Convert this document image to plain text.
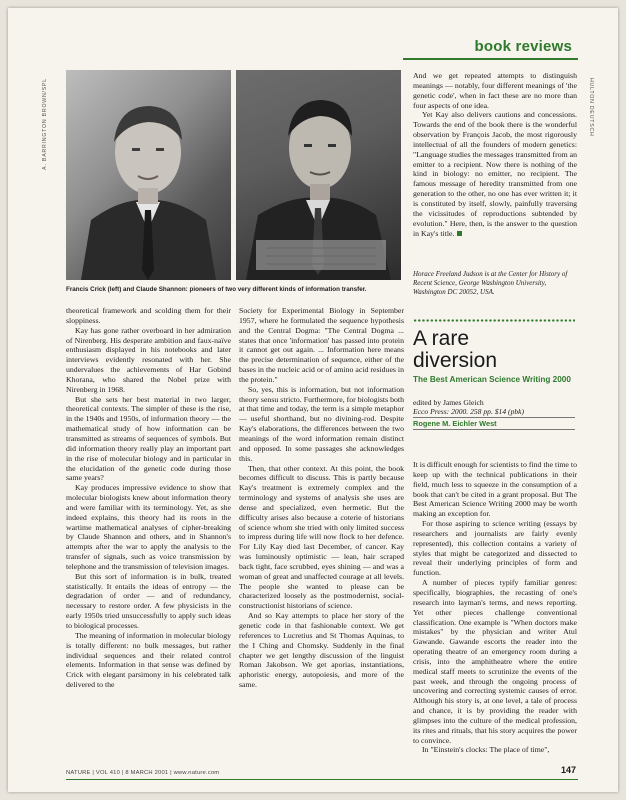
book reviews
A. BARRINGTON BROWN/SPL	HULTON DEUTSCH
Francis Crick (left) and Claude Shannon: pioneers of two very different kinds of information transfer.

theoretical framework and scolding them for their sloppiness.

Kay has gone rather overboard in her admiration of Nirenberg. His desperate ambition and faux-naïve enthusiasm displayed in his notebooks and later interviews evidently resonated with her. She undervalues the achievements of Har Gobind Khorana, who shared the Nobel prize with Nirenberg in 1968.

But she sets her best material in two larger, theoretical contexts. The simpler of these is the rise, in the 1940s and 1950s, of information theory — the mathematical study of how information can be transmitted as streams of sequences of symbols. But did information theory really play an important part in the rise of molecular biology and in particular in the elucidation of the genetic code during those same years?

Kay produces impressive evidence to show that molecular biologists knew about information theory and were familiar with its terminology. Yet, as she indeed explains, this theory had its roots in the wartime mathematical analyses of cipher-breaking by Claude Shannon and others, and in Shannon's attempts after the war to apply the analysis to the transfer of signals, such as voice transmission by telephone and the transmission of television images.

But this sort of information is in bulk, treated statistically. It entails the ideas of entropy — the degradation of order — and of redundancy, necessary to restore order. A few physicists in the early 1950s tried unsuccessfully to apply such ideas to biological processes.

The meaning of information in molecular biology is totally different: no bulk messages, but rather individual sequences and their related control elements. Information in that sense was defined by Crick with elegant parsimony in his celebrated talk delivered to the

Society for Experimental Biology in September 1957, where he formulated the sequence hypothesis and the Central Dogma: "The Central Dogma ... states that once 'information' has passed into protein it cannot get out again. ... Information here means the precise determination of sequence, either of the bases in the nucleic acid or of amino acid residues in the protein."

So, yes, this is information, but not information theory sensu stricto. Furthermore, for biologists both at that time and today, the term is a simple metaphor — useful shorthand, but no divining-rod. Despite Kay's elaborations, the differences between the two meanings of the word information remain distinct and opposed. In some passages she acknowledges this.

Then, that other context. At this point, the book becomes difficult to discuss. This is partly because Kay's treatment is extremely complex and the terminology and systems of analysis she uses are dense and specialized, even hermetic. But the difficulty arises also because a coterie of historians of science whom she tried with only limited success to impress during life will now flock to her defence. For Lily Kay died last December, of cancer. Kay was luminously optimistic — lean, hair scraped back tight, face scrubbed, eyes shining — and was a woman of great and unaffected courage at all levels. The people she wanted to please can be characterized loosely as the postmodernist, social-constructionist historians of science.

And so Kay attempts to place her story of the genetic code in that fashionable context. We get references to Lucretius and St Thomas Aquinas, to the I Ching and Chomsky. Suddenly in the final chapter we get lengthy discussion of the linguist Roman Jakobson. We get aporias, instantiations, aphoristic energy, autopoiesis, and more of the same.

And we get repeated attempts to distinguish meanings — notably, four different meanings of 'the genetic code', when in fact these are no more than four aspects of one idea.

Yet Kay also delivers cautions and concessions. Towards the end of the book there is the wonderful observation by François Jacob, the most rigorously intellectual of all the founders of modern genetics: "Language studies the messages transmitted from an emitter to a recipient. Now there is nothing of the kind in biology: no emitter, no recipient. The famous message of heredity transmitted from one generation to the other, no one has ever written it; it is constituted by itself, slowly, painfully traversing the vicissitudes of reproductions subtended by evolution." Here, then, is the answer to the question in Kay's title.

Horace Freeland Judson is at the Center for History of Recent Science, George Washington University, Washington DC 20052, USA.
A rare
diversion
The Best American Science Writing 2000
edited by James Gleich
Ecco Press: 2000. 258 pp. $14 (pbk)
Rogene M. Eichler West

It is difficult enough for scientists to find the time to keep up with the technical publications in their field, much less to squeeze in the consumption of a book that can't be cited in a grant proposal. But The Best American Science Writing 2000 may be worth making an exception for.

For those aspiring to science writing (essays by researchers and journalists are fairly evenly represented), this collection contains a variety of styles that might be categorized and dissected to reveal their underlying principles of form and function.

A number of pieces typify familiar genres: specifically, biographies, the recasting of one's research into layman's terms, and news reporting. Yet other pieces challenge conventional classification. One example is "When doctors make mistakes" by the physician and writer Atul Gawande. Gawande escorts the reader into the operating theatre of an emergency room during a crisis, into the amphitheatre where the entire medical staff meets to scrutinize the events of the past week, and through the ongoing process of uncovering and correcting systemic causes of error. Although his story is, at one level, a tale of process and chance, it is by providing the reader with glimpses into the culture of the medical profession, its rites and rituals, that his story acquires the power to convince.

In "Einstein's clocks: The place of time",

NATURE | VOL 410 | 8 MARCH 2001 | www.nature.com	147
